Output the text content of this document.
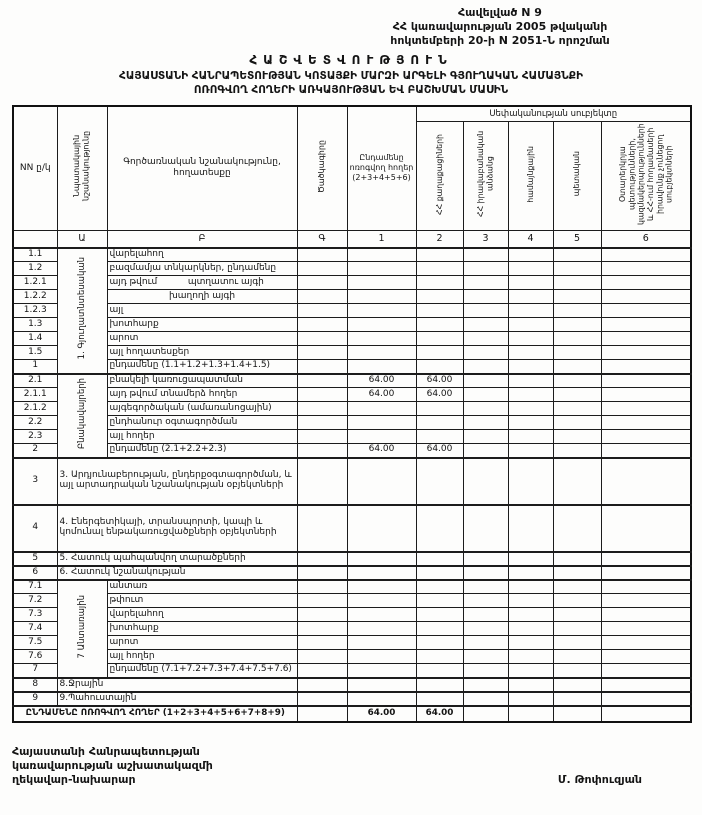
Հավելված N 9
ՀՀ կառավարության 2005 թվականի
հոկտեմբերի 20-ի N 2051-Ն որոշման
ՀԱՇՎԵՏՎՈՒԹՅՈՒՆ
ՀԱՅԱՍՏԱՆԻ ՀԱՆՐԱՊԵՏՈՒԹՅԱՆ ԿՈՏԱՅՔԻ ՄԱՐԶԻ ԱՐԳԵԼԻ ԳՅՈՒՂԱԿԱՆ ՀԱՄԱՅՆՔԻ
ՈՌՈԳՎՈՂ ՀՈՂԵՐԻ ԱՌԿԱՅՈՒԹՅԱՆ ԵՎ ԲԱՇԽՄԱՆ ՄԱՍԻՆ
NN ը/կ	Նպատակային նշանակությունը	Գործառնական նշանակությունը, հողատեսքը	Ծածկագիրը	Ընդամենը ոռոգվող հողեր (2+3+4+5+6)	Սեփականության սուբյեկտը				
					ՀՀ քաղաքացիների	ՀՀ իրավաբանական անձանց	համայնքային	պետական	Օտարերկրյա պետությունների, կազմակերպությունների և ՀՀ-ում հողամասերի իրավունք չունեցող սուբյեկտների
	Ա	Բ	Գ	1	2	3	4	5	6
1.1	1. Գյուղատնտեսական	վարելահող							
1.2		բազմամյա տնկարկներ, ընդամենը							
1.2.1		այդ թվում պտղատու այգի							

1.2.2		խաղողի այգի							

1.2.3		այլ							
1.3		խոտհարք							
1.4		արոտ							
1.5		այլ հողատեսքեր							
1		ընդամենը (1.1+1.2+1.3+1.4+1.5)							
2.1	Բնակավայրերի	բնակելի կառուցապատման		64.00	64.00				
2.1.1		այդ թվում տնամերձ հողեր		64.00	64.00				
2.1.2		այգեգործական (ամառանոցային)							
2.2		ընդհանուր օգտագործման							
2.3		այլ հողեր							
2		ընդամենը (2.1+2.2+2.3)		64.00	64.00				
3	3. Արդյունաբերության, ընդերքօգտագործման, և այլ արտադրական նշանակության օբյեկտների								
4	4. Էներգետիկայի, տրանսպորտի, կապի և կոմունալ ենթակառուցվածքների օբյեկտների								
5	5. Հատուկ պահպանվող տարածքների								
6	6. Հատուկ նշանակության								
7.1	7 Անտառային	անտառ							
7.2		թփուտ							
7.3		վարելահող							
7.4		խոտհարք							
7.5		արոտ							
7.6		այլ հողեր							
7		ընդամենը (7.1+7.2+7.3+7.4+7.5+7.6)							
8	8.Ջրային								
9	9.Պահուստային								
ԸՆԴԱՄԵՆԸ ՈՌՈԳՎՈՂ ՀՈՂԵՐ (1+2+3+4+5+6+7+8+9)				64.00	64.00				
Հայաստանի Հանրապետության
կառավարության աշխատակազմի
ղեկավար-նախարար	Մ. Թոփուզյան
